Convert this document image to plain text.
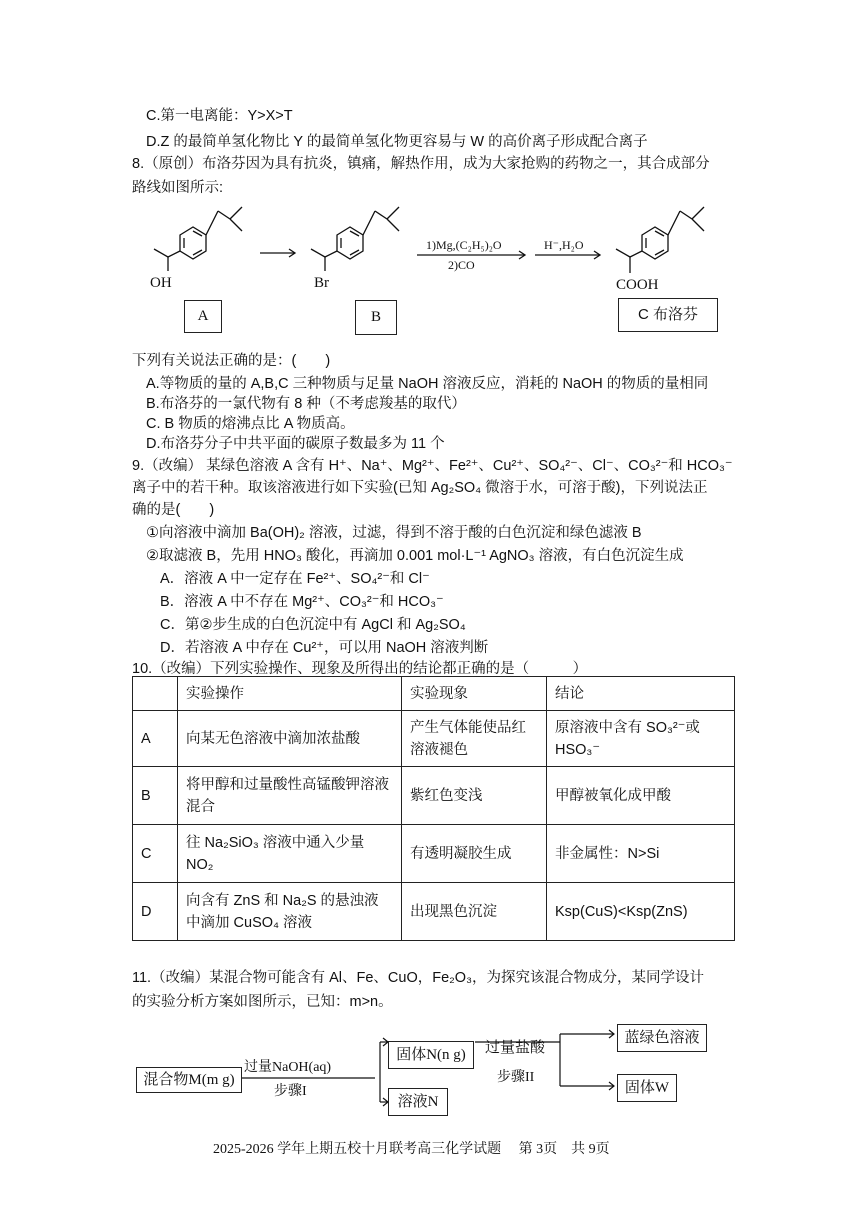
C.第一电离能：Y>X>T
D.Z 的最简单氢化物比 Y 的最简单氢化物更容易与 W 的高价离子形成配合离子
8.（原创）布洛芬因为具有抗炎，镇痛，解热作用，成为大家抢购的药物之一，其合成部分
路线如图所示:
OH	Br	COOH
1)Mg,(C₂H₅)₂O
2)CO
H⁻,H₂O
A	B	C 布洛芬
下列有关说法正确的是：(　　)
A.等物质的量的 A,B,C 三种物质与足量 NaOH 溶液反应，消耗的 NaOH 的物质的量相同
B.布洛芬的一氯代物有 8 种（不考虑羧基的取代）
C. B 物质的熔沸点比 A 物质高。
D.布洛芬分子中共平面的碳原子数最多为 11 个
9.（改编） 某绿色溶液 A 含有 H⁺、Na⁺、Mg²⁺、Fe²⁺、Cu²⁺、SO₄²⁻、Cl⁻、CO₃²⁻和 HCO₃⁻
离子中的若干种。取该溶液进行如下实验(已知 Ag₂SO₄ 微溶于水，可溶于酸)，下列说法正
确的是(　　)
①向溶液中滴加 Ba(OH)₂ 溶液，过滤，得到不溶于酸的白色沉淀和绿色滤液 B
②取滤液 B，先用 HNO₃ 酸化，再滴加 0.001 mol·L⁻¹ AgNO₃ 溶液，有白色沉淀生成
A．溶液 A 中一定存在 Fe²⁺、SO₄²⁻和 Cl⁻
B．溶液 A 中不存在 Mg²⁺、CO₃²⁻和 HCO₃⁻
C．第②步生成的白色沉淀中有 AgCl 和 Ag₂SO₄
D．若溶液 A 中存在 Cu²⁺，可以用 NaOH 溶液判断
10.（改编）下列实验操作、现象及所得出的结论都正确的是（　　　）
	实验操作	实验现象	结论
A	向某无色溶液中滴加浓盐酸	产生气体能使品红溶液褪色	原溶液中含有 SO₃²⁻或 HSO₃⁻
B	将甲醇和过量酸性高锰酸钾溶液混合	紫红色变浅	甲醇被氧化成甲酸
C	往 Na₂SiO₃ 溶液中通入少量 NO₂	有透明凝胶生成	非金属性：N>Si
D	向含有 ZnS 和 Na₂S 的悬浊液中滴加 CuSO₄ 溶液	出现黑色沉淀	Ksp(CuS)<Ksp(ZnS)
11.（改编）某混合物可能含有 Al、Fe、CuO，Fe₂O₃，为探究该混合物成分，某同学设计
的实验分析方案如图所示，已知：m>n。
混合物M(m g)
过量NaOH(aq)
步骤I
固体N(n g)
溶液N
过量盐酸
步骤II
蓝绿色溶液
固体W
2025-2026 学年上期五校十月联考高三化学试题　 第 3页　共 9页
